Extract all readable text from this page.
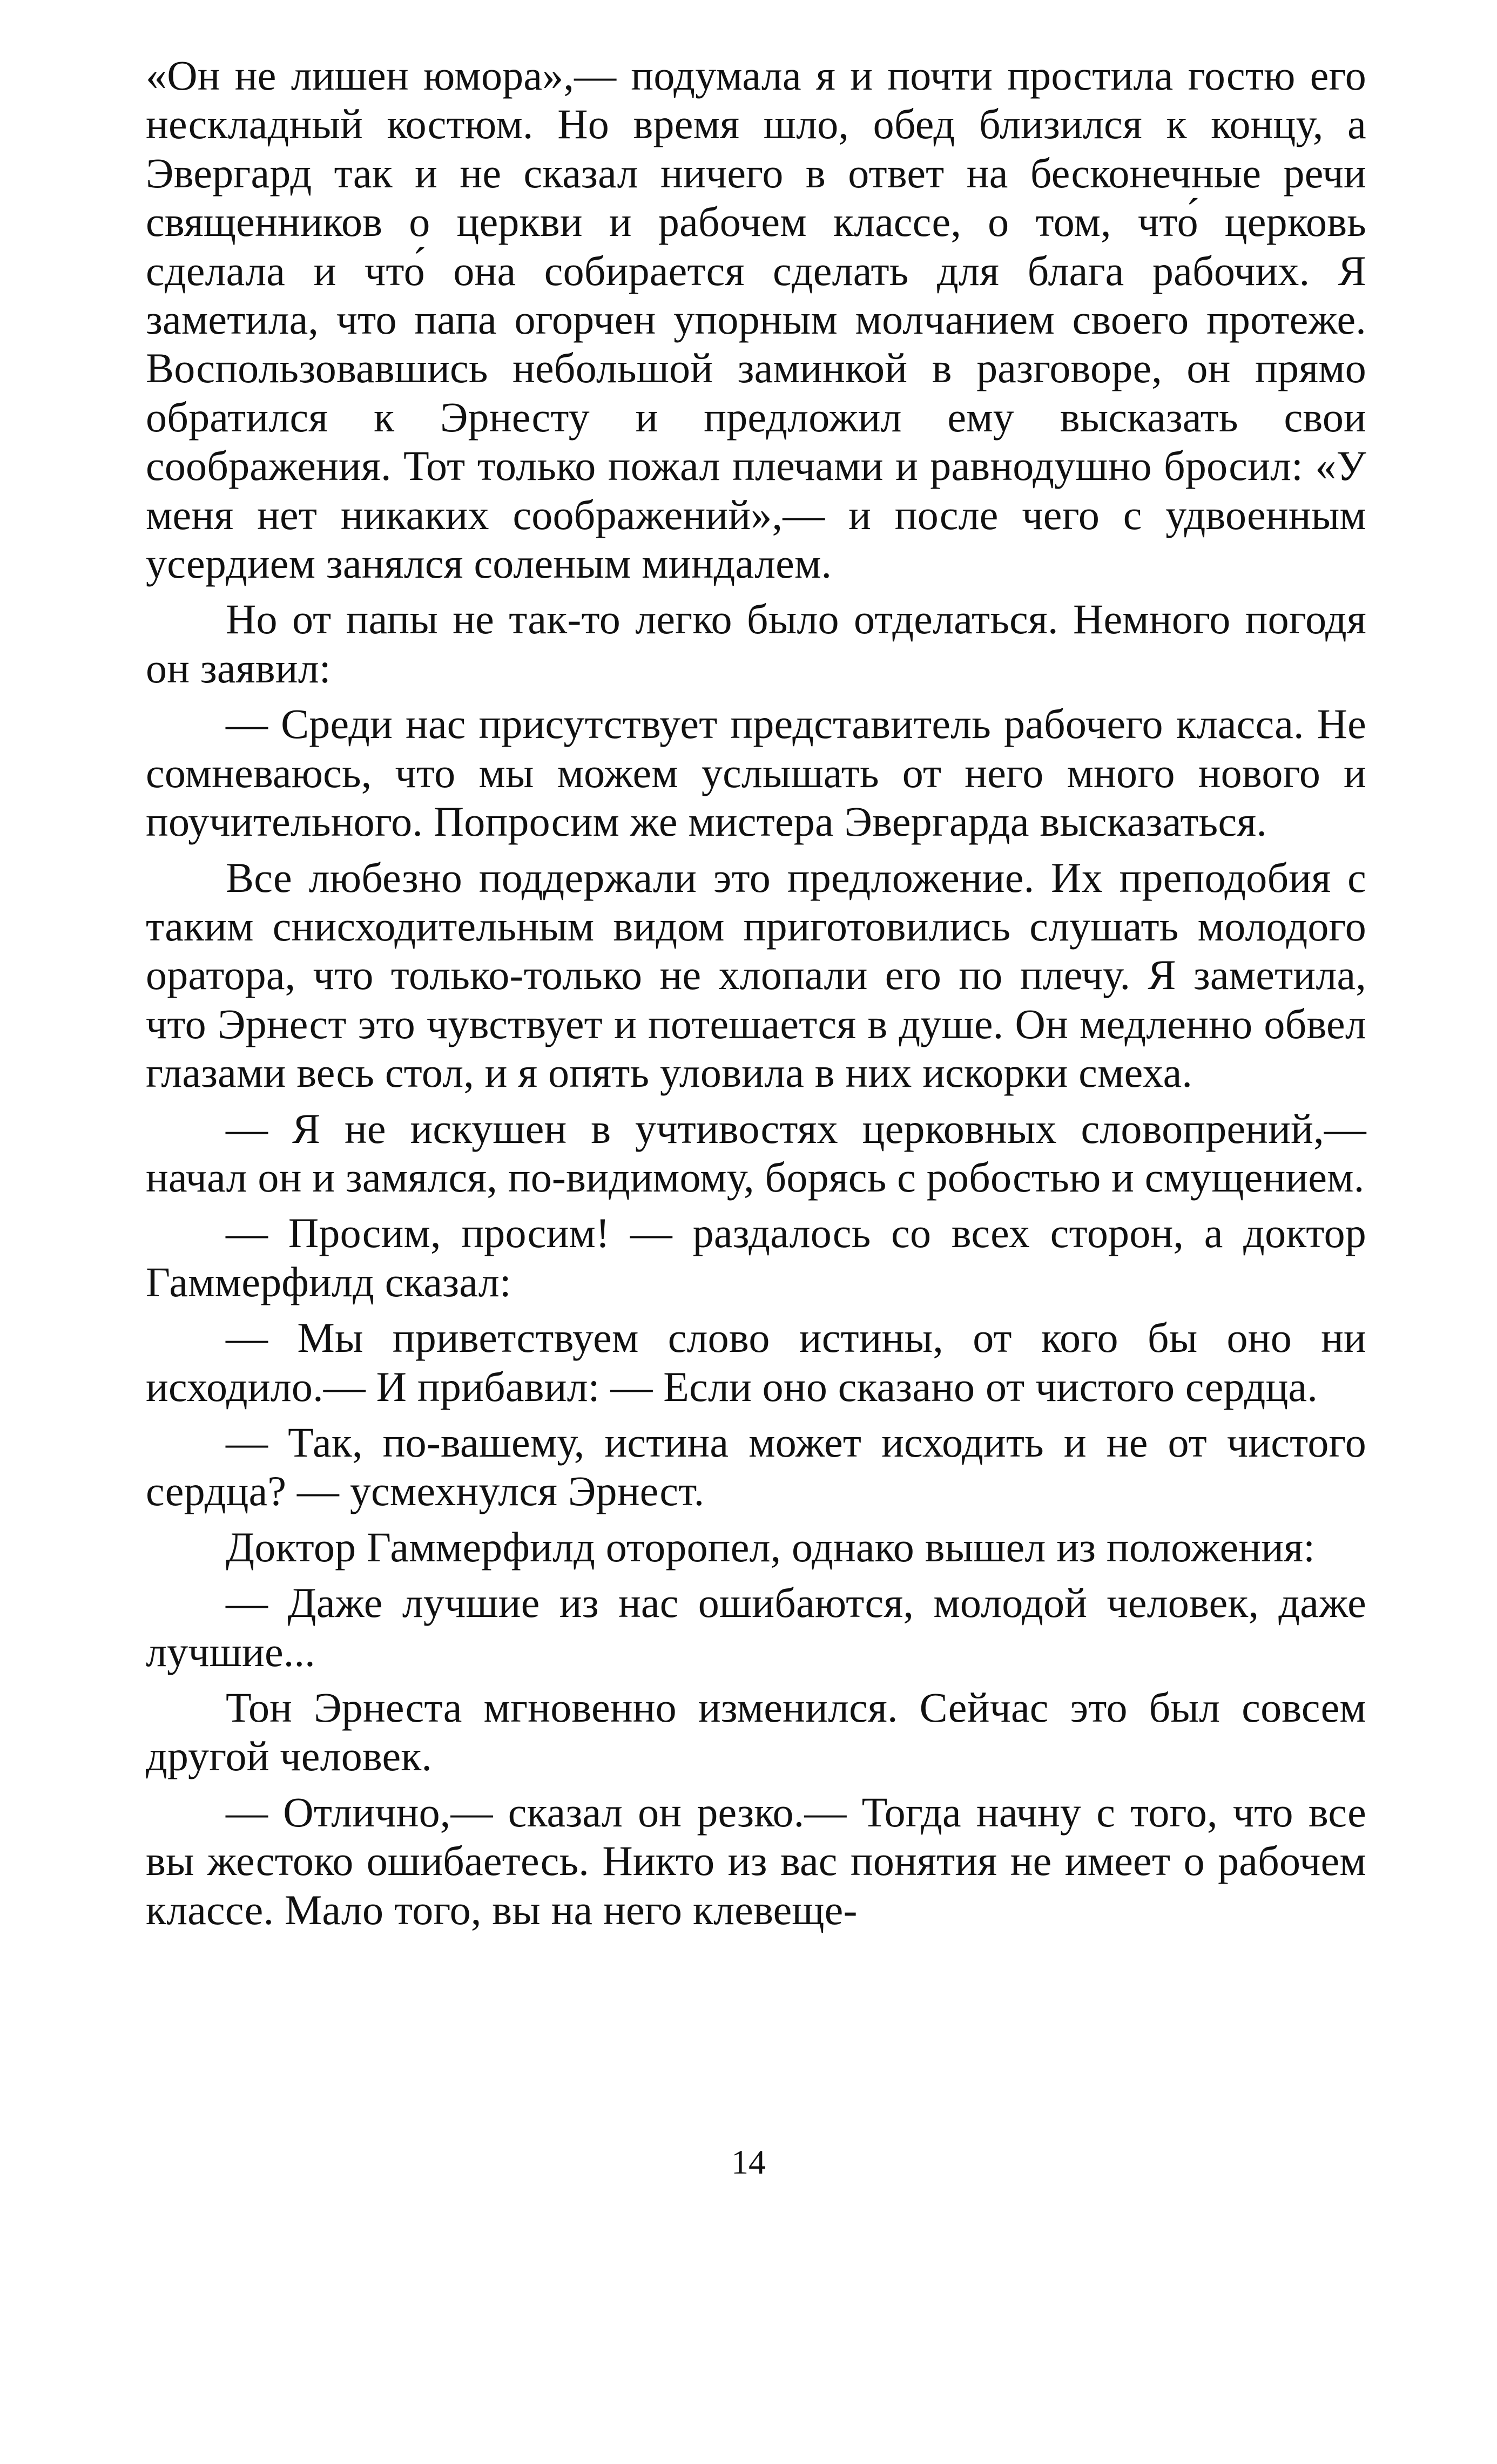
«Он не лишен юмора»,— подумала я и почти простила гостю его нескладный костюм. Но время шло, обед близился к концу, а Эвергард так и не сказал ничего в ответ на бесконечные речи священников о церкви и рабочем классе, о том, что́ церковь сделала и что́ она собирается сделать для блага рабочих. Я заметила, что папа огорчен упорным молчанием своего протеже. Воспользовавшись небольшой заминкой в разговоре, он прямо обратился к Эрнесту и предложил ему высказать свои соображения. Тот только пожал плечами и равнодушно бросил: «У меня нет никаких соображений»,— и после чего с удвоенным усердием занялся соленым миндалем.

Но от папы не так-то легко было отделаться. Немного погодя он заявил:

— Среди нас присутствует представитель рабочего класса. Не сомневаюсь, что мы можем услышать от него много нового и поучительного. Попросим же мистера Эвергарда высказаться.

Все любезно поддержали это предложение. Их преподобия с таким снисходительным видом приготовились слушать молодого оратора, что только-только не хлопали его по плечу. Я заметила, что Эрнест это чувствует и потешается в душе. Он медленно обвел глазами весь стол, и я опять уловила в них искорки смеха.

— Я не искушен в учтивостях церковных словопрений,— начал он и замялся, по-видимому, борясь с робостью и смущением.

— Просим, просим! — раздалось со всех сторон, а доктор Гаммерфилд сказал:

— Мы приветствуем слово истины, от кого бы оно ни исходило.— И прибавил: — Если оно сказано от чистого сердца.

— Так, по-вашему, истина может исходить и не от чистого сердца? — усмехнулся Эрнест.

Доктор Гаммерфилд оторопел, однако вышел из положения:

— Даже лучшие из нас ошибаются, молодой человек, даже лучшие...

Тон Эрнеста мгновенно изменился. Сейчас это был совсем другой человек.

— Отлично,— сказал он резко.— Тогда начну с того, что все вы жестоко ошибаетесь. Никто из вас понятия не имеет о рабочем классе. Мало того, вы на него клевеще-

14
